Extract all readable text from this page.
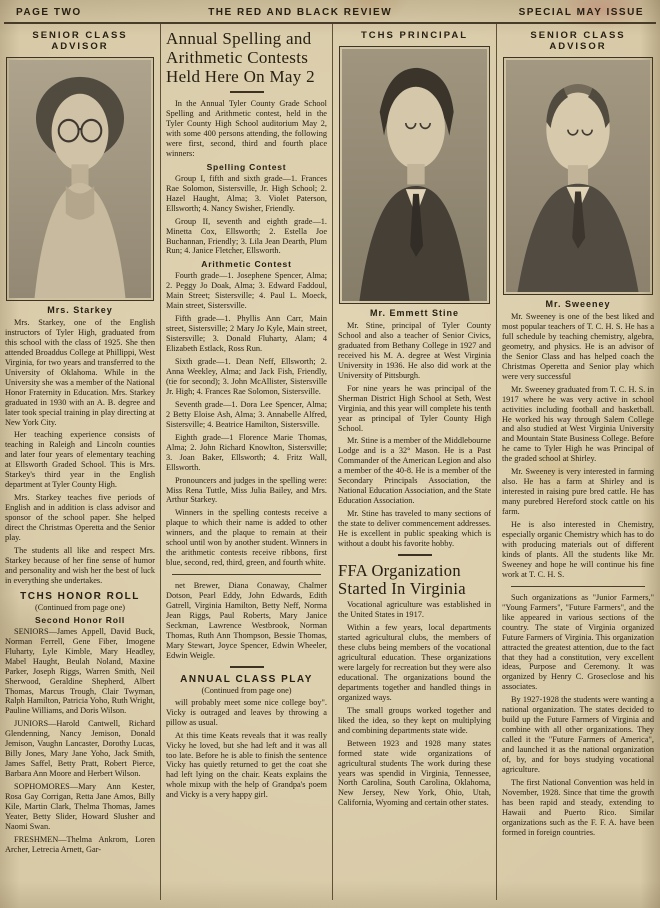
PAGE TWO	THE RED AND BLACK REVIEW	SPECIAL MAY ISSUE
SENIOR CLASS ADVISOR
Mrs. Starkey

Mrs. Starkey, one of the English instructors of Tyler High, graduated from this school with the class of 1925. She then attended Broaddus College at Phillippi, West Virginia, for two years and transferred to the University of Oklahoma. While in the University she was a member of the National Honor Fraternity in Education. Mrs. Starkey graduated in 1930 with an A. B. degree and later took special training in play directing at New York City.

Her teaching experience consists of teaching in Raleigh and Lincoln counties and later four years of elementary teaching at Ellsworth Graded School. This is Mrs. Starkey's third year in the English department at Tyler County High.

Mrs. Starkey teaches five periods of English and in addition is class advisor and sponsor of the school paper. She helped direct the Christmas Operetta and the Senior play.

The students all like and respect Mrs. Starkey because of her fine sense of humor and personality and wish her the best of luck in everything she undertakes.

TCHS HONOR ROLL
(Continued from page one)
Second Honor Roll

SENIORS—James Appell, David Buck, Norman Ferrell, Gene Fiber, Imogene Fluharty, Lyle Kimble, Mary Headley, Mabel Haught, Beulah Noland, Maxine Parker, Joseph Riggs, Warren Smith, Neil Sherwood, Geraldine Shepherd, Albert Thomas, Marcus Trough, Clair Twyman, Ralph Hamilton, Patricia Yoho, Ruth Wright, Pauline Williams, and Doris Wilson.

JUNIORS—Harold Cantwell, Richard Glendenning, Nancy Jemison, Donald Jemison, Vaughn Lancaster, Dorothy Lucas, Billy Jones, Mary Jane Yoho, Jack Smith, James Saffel, Betty Pratt, Robert Pierce, Barbara Ann Moore and Herbert Wilson.

SOPHOMORES—Mary Ann Kester, Rosa Gay Corrigan, Retta Jane Amos, Billy Kile, Martin Clark, Thelma Thomas, James Yeater, Betty Slider, Howard Slusher and Naomi Swan.

FRESHMEN—Thelma Ankrom, Loren Archer, Letrecia Arnett, Gar-

Annual Spelling and Arithmetic Contests Held Here On May 2

In the Annual Tyler County Grade School Spelling and Arithmetic contest, held in the Tyler County High School auditorium May 2, with some 400 persons attending, the following were first, second, third and fourth place winners:

Spelling Contest

Group I, fifth and sixth grade—1. Frances Rae Solomon, Sistersville, Jr. High School; 2. Hazel Haught, Alma; 3. Violet Paterson, Ellsworth; 4. Nancy Swisher, Friendly.

Group II, seventh and eighth grade—1. Minetta Cox, Ellsworth; 2. Estella Joe Buchannan, Friendly; 3. Lila Jean Dearth, Plum Run; 4. Janice Fletcher, Ellsworth.

Arithmetic Contest

Fourth grade—1. Josephene Spencer, Alma; 2. Peggy Jo Doak, Alma; 3. Edward Faddoul, Main Street; Sistersville; 4. Paul L. Moeck, Main street, Sistersville.

Fifth grade—1. Phyllis Ann Carr, Main street, Sistersville; 2 Mary Jo Kyle, Main street, Sistersville; 3. Donald Fluharty, Alam; 4 Elizabeth Estlack, Ross Run.

Sixth grade—1. Dean Neff, Ellsworth; 2. Anna Weekley, Alma; and Jack Fish, Friendly, (tie for second); 3. John McAllister, Sistersville Jr. High; 4. Frances Rae Solomon, Sistersville.

Seventh grade—1. Dora Lee Spencer, Alma; 2 Betty Eloise Ash, Alma; 3. Annabelle Alfred, Sistersville; 4. Beatrice Hamilton, Sistersville.

Eighth grade—1 Florence Marie Thomas, Alma; 2. John Richard Knowlton, Sistersville; 3. Joan Baker, Ellsworth; 4. Fritz Wall, Ellsworth.

Pronouncers and judges in the spelling were: Miss Rena Tuttle, Miss Julia Bailey, and Mrs. Arthur Starkey.

Winners in the spelling contests receive a plaque to which their name is added to other winners, and the plaque to remain at their school until won by another student. Winners in the arithmetic contests receive ribbons, first blue, second, red, third, green, and fourth white.

net Brewer, Diana Conaway, Chalmer Dotson, Pearl Eddy, John Edwards, Edith Gatrell, Virginia Hamilton, Betty Neff, Norma Jean Riggs, Paul Roberts, Mary Janice Seckman, Lawrence Westbrook, Norman Thomas, Ruth Ann Thompson, Bessie Thomas, Mary Stewart, Joyce Spencer, Edwin Wheeler, Edwin Weigle.

ANNUAL CLASS PLAY
(Continued from page one)

will probably meet some nice college boy". Vicky is outraged and leaves by throwing a pillow as usual.

At this time Keats reveals that it was really Vicky he loved, but she had left and it was all too late. Before he is able to finish the sentence Vicky has quietly returned to get the coat she had left lying on the chair. Keats explains the whole mixup with the help of Grandpa's poem and Vicky is a very happy girl.

TCHS PRINCIPAL
Mr. Emmett Stine

Mr. Stine, principal of Tyler County School and also a teacher of Senior Civics, graduated from Bethany College in 1927 and received his M. A. degree at West Virginia University in 1936. He also did work at the University of Pittsburgh.

For nine years he was principal of the Sherman District High School at Seth, West Virginia, and this year will complete his tenth year as principal of Tyler County High School.

Mr. Stine is a member of the Middlebourne Lodge and is a 32° Mason. He is a Past Commander of the American Legion and also a member of the 40-8. He is a member of the Secondary Principals Association, the National Education Association, and the State Education Association.

Mr. Stine has traveled to many sections of the state to deliver commencement addresses. He is excellent in public speaking which is without a doubt his favorite hobby.

FFA Organization Started In Virginia

Vocational agriculture was established in the United States in 1917.

Within a few years, local departments started agricultural clubs, the members of these clubs being members of the vocational agricultural education. These organizations were largely for recreation but they were also educational. The organizations bound the departments together and handled things in organized ways.

The small groups worked together and liked the idea, so they kept on multiplying and combining departments state wide.

Between 1923 and 1928 many states formed state wide organizations of agricultural students The work during these years was spendid in Virginia, Tennessee, North Carolina, South Carolina, Oklahoma, New Jersey, New York, Ohio, Utah, California, Wyoming and certain other states.

SENIOR CLASS ADVISOR
Mr. Sweeney

Mr. Sweeney is one of the best liked and most popular teachers of T. C. H. S. He has a full schedule by teaching chemistry, algebra, geometry, and physics. He is an advisor of the Senior Class and has helped coach the Christmas Operetta and Senior play which were very successful

Mr. Sweeney graduated from T. C. H. S. in 1917 where he was very active in school activities including football and basketball. He worked his way through Salem College and also studied at West Virginia University and Mountain State Business College. Before he came to Tyler High he was Principal of the graded school at Shirley.

Mr. Sweeney is very interested in farming also. He has a farm at Shirley and is interested in raising pure bred cattle. He has many purebred Hereford stock cattle on his farm.

He is also interested in Chemistry, especially organic Chemistry which has to do with producing materials out of different kinds of plants. All the students like Mr. Sweeney and hope he will continue his fine work at T. C. H. S.

Such organizations as "Junior Farmers," "Young Farmers", "Future Farmers", and the like appeared in various sections of the country. The state of Virginia organized Future Farmers of Virginia. This organization attracted the greatest attention, due to the fact that they had a constitution, very excellent ideas, Purpose and Ceremony. It was organized by Henry C. Groseclose and his associates.

By 1927-1928 the students were wanting a national organization. The states decided to build up the Future Farmers of Virginia and combine with all other organizations. They called it the "Future Farmers of America", and launched it as the national organization of, by, and for boys studying vocational agriculture.

The first National Convention was held in November, 1928. Since that time the growth has been rapid and steady, extending to Hawaii and Puerto Rico. Similar organizations such as the F. F. A. have been formed in foreign countries.
